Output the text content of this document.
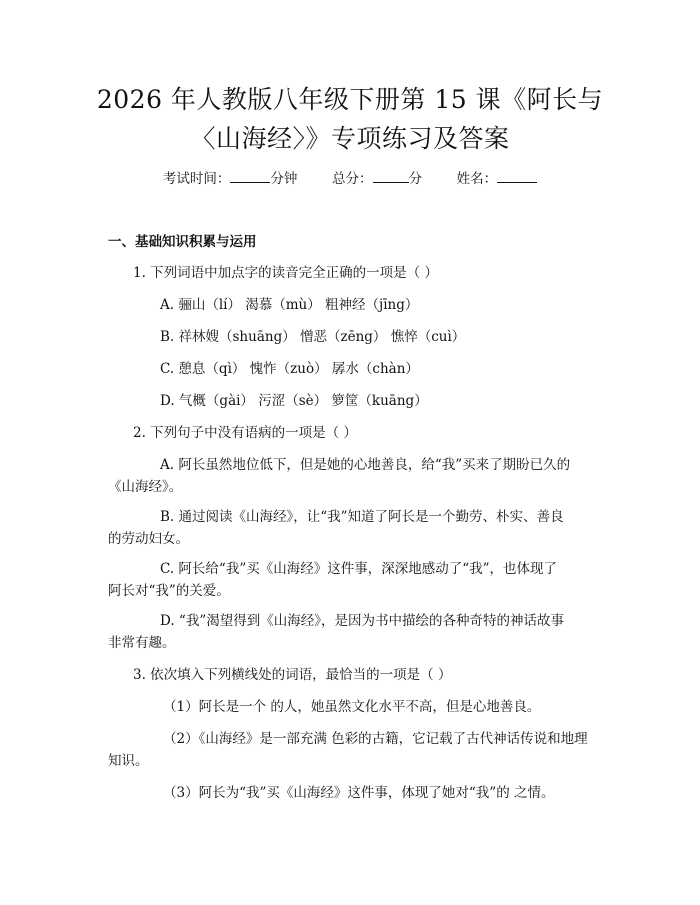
2026 年人教版八年级下册第 15 课《阿长与
〈山海经〉》专项练习及答案
考试时间：	分钟	总分：	分	姓名：
一、基础知识积累与运用
1. 下列词语中加点字的读音完全正确的一项是（ ）
A. 骊山（lí） 渴慕（mù） 粗神经（jīng）
B. 祥林嫂（shuāng） 憎恶（zēng） 憔悴（cuì）
C. 憩息（qì） 愧怍（zuò） 孱水（chàn）
D. 气概（gài） 污涩（sè） 箩筐（kuāng）
2. 下列句子中没有语病的一项是（ ）
A. 阿长虽然地位低下，但是她的心地善良，给“我”买来了期盼已久的
《山海经》。
B. 通过阅读《山海经》，让“我”知道了阿长是一个勤劳、朴实、善良
的劳动妇女。
C. 阿长给“我”买《山海经》这件事，深深地感动了“我”，也体现了
阿长对“我”的关爱。
D. “我”渴望得到《山海经》，是因为书中描绘的各种奇特的神话故事
非常有趣。
3. 依次填入下列横线处的词语，最恰当的一项是（ ）
（1）阿长是一个 的人，她虽然文化水平不高，但是心地善良。
（2）《山海经》是一部充满 色彩的古籍，它记载了古代神话传说和地理
知识。
（3）阿长为“我”买《山海经》这件事，体现了她对“我”的 之情。
